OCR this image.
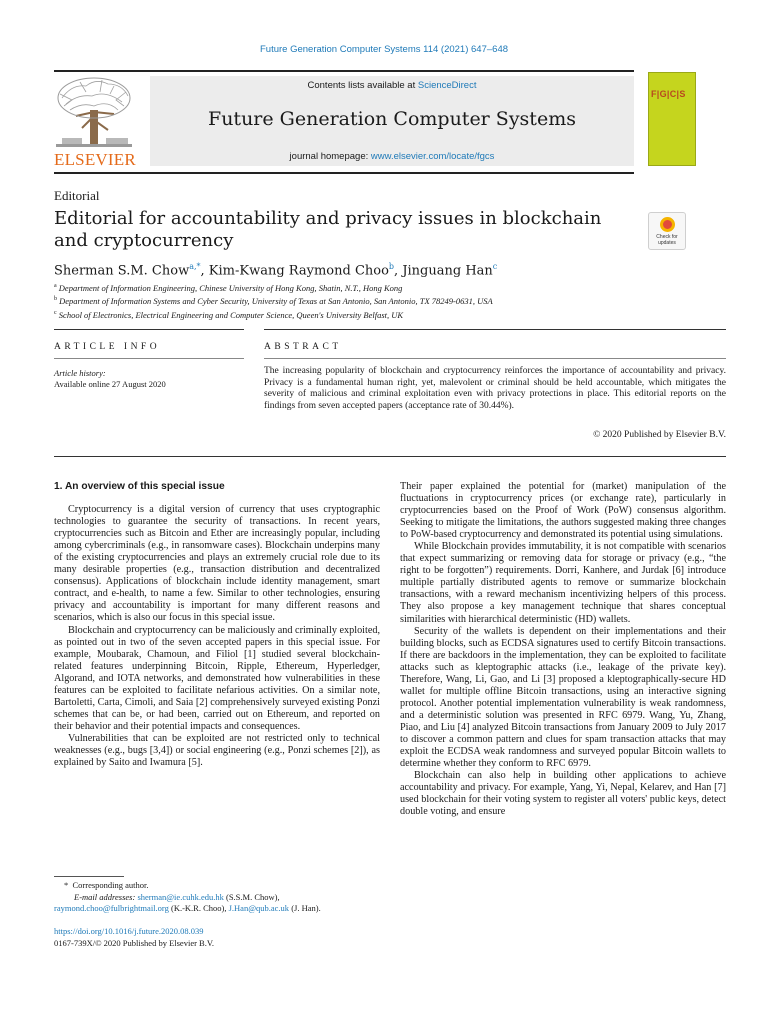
Future Generation Computer Systems 114 (2021) 647–648
ELSEVIER
Contents lists available at ScienceDirect
Future Generation Computer Systems
journal homepage: www.elsevier.com/locate/fgcs
F|G|C|S
Editorial
Editorial for accountability and privacy issues in blockchain and cryptocurrency	Check for updates
Sherman S.M. Chow$^{a,*}$, Kim-Kwang Raymond Choo$^b$, Jinguang Han$^c$
$^a$ Department of Information Engineering, Chinese University of Hong Kong, Shatin, N.T., Hong Kong
$^b$ Department of Information Systems and Cyber Security, University of Texas at San Antonio, San Antonio, TX 78249-0631, USA
$^c$ School of Electronics, Electrical Engineering and Computer Science, Queen's University Belfast, UK
ARTICLE INFO	ABSTRACT
Article history:
Available online 27 August 2020
The increasing popularity of blockchain and cryptocurrency reinforces the importance of accountability and privacy. Privacy is a fundamental human right, yet, malevolent or criminal should be held accountable, which mitigates the severity of malicious and criminal exploitation even with privacy protections in place. This editorial reports on the findings from seven accepted papers (acceptance rate of 30.44%).
© 2020 Published by Elsevier B.V.
1. An overview of this special issue

Cryptocurrency is a digital version of currency that uses cryptographic technologies to guarantee the security of transactions. In recent years, cryptocurrencies such as Bitcoin and Ether are increasingly popular, including among cybercriminals (e.g., in ransomware cases). Blockchain underpins many of the existing cryptocurrencies and plays an extremely crucial role due to its many desirable properties (e.g., transaction distribution and decentralized consensus). Applications of blockchain include identity management, smart contract, and e-health, to name a few. Similar to other technologies, ensuring privacy and accountability is important for many different reasons and scenarios, which is also our focus in this special issue.

Blockchain and cryptocurrency can be maliciously and criminally exploited, as pointed out in two of the seven accepted papers in this special issue. For example, Moubarak, Chamoun, and Filiol [1] studied several blockchain-related features underpinning Bitcoin, Ripple, Ethereum, Hyperledger, Algorand, and IOTA networks, and demonstrated how vulnerabilities in these features can be exploited to facilitate nefarious activities. On a similar note, Bartoletti, Carta, Cimoli, and Saia [2] comprehensively surveyed existing Ponzi schemes that can be, or had been, carried out on Ethereum, and reported on their behavior and their potential impacts and consequences.

Vulnerabilities that can be exploited are not restricted only to technical weaknesses (e.g., bugs [3,4]) or social engineering (e.g., Ponzi schemes [2]), as explained by Saito and Iwamura [5].

Their paper explained the potential for (market) manipulation of the fluctuations in cryptocurrency prices (or exchange rate), particularly in cryptocurrencies based on the Proof of Work (PoW) consensus algorithm. Seeking to mitigate the limitations, the authors suggested making three changes to PoW-based cryptocurrency and demonstrated its potential using simulations.

While Blockchain provides immutability, it is not compatible with scenarios that expect summarizing or removing data for storage or privacy (e.g., “the right to be forgotten”) requirements. Dorri, Kanhere, and Jurdak [6] introduce multiple partially distributed agents to remove or summarize blockchain transactions, with a reward mechanism incentivizing helpers of this process. They also propose a key management technique that shares conceptual similarities with hierarchical deterministic (HD) wallets.

Security of the wallets is dependent on their implementations and their building blocks, such as ECDSA signatures used to certify Bitcoin transactions. If there are backdoors in the implementation, they can be exploited to facilitate attacks such as kleptographic attacks (i.e., leakage of the private key). Therefore, Wang, Li, Gao, and Li [3] proposed a kleptographically-secure HD wallet for multiple offline Bitcoin transactions, using an interactive signing protocol. Another potential implementation vulnerability is weak randomness, and a deterministic solution was presented in RFC 6979. Wang, Yu, Zhang, Piao, and Liu [4] analyzed Bitcoin transactions from January 2009 to July 2017 to discover a common pattern and clues for spam transaction attacks that may exploit the ECDSA weak randomness and surveyed popular Bitcoin wallets to determine whether they conform to RFC 6979.

Blockchain can also help in building other applications to achieve accountability and privacy. For example, Yang, Yi, Nepal, Kelarev, and Han [7] used blockchain for their voting system to register all voters' public keys, detect double voting, and ensure

*  Corresponding author.
E-mail addresses: sherman@ie.cuhk.edu.hk (S.S.M. Chow),
raymond.choo@fulbrightmail.org (K.-K.R. Choo), J.Han@qub.ac.uk (J. Han).
https://doi.org/10.1016/j.future.2020.08.039
0167-739X/© 2020 Published by Elsevier B.V.
